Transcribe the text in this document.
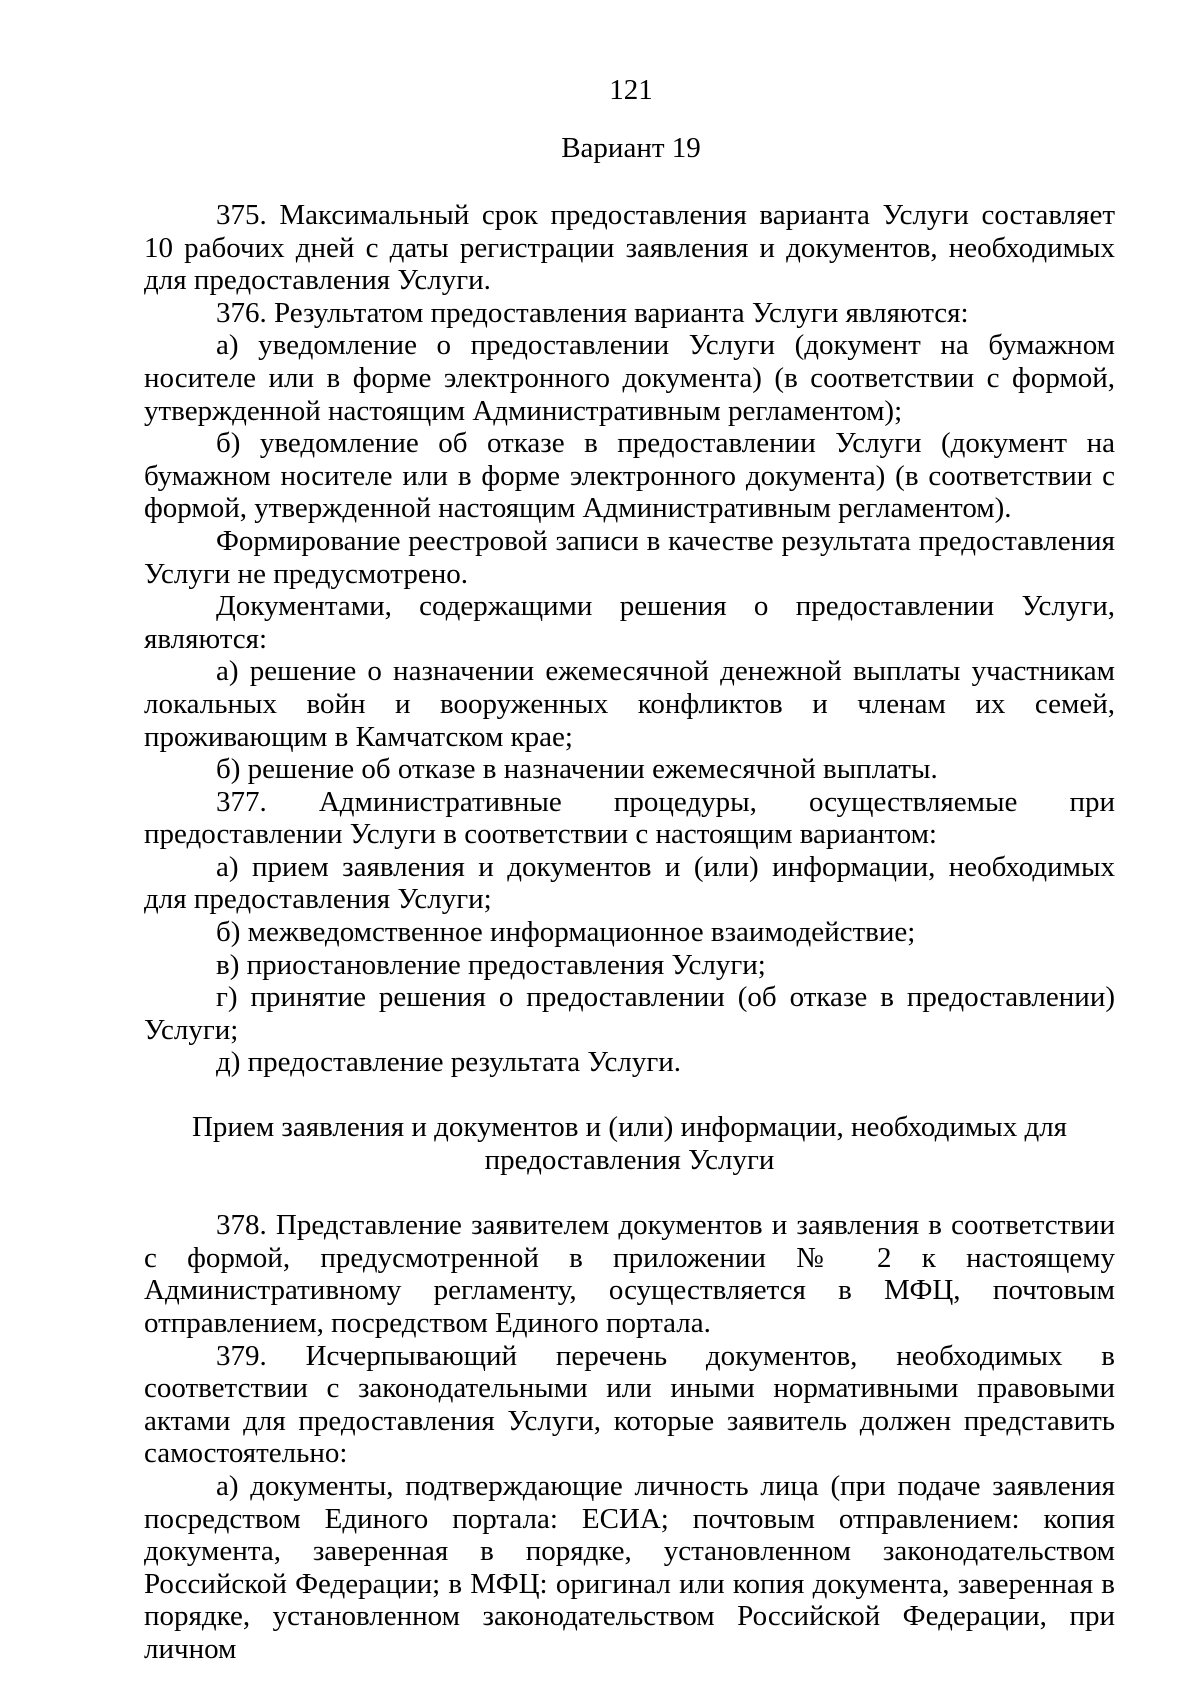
121
Вариант 19

375. Максимальный срок предоставления варианта Услуги составляет 10 рабочих дней с даты регистрации заявления и документов, необходимых для предоставления Услуги.

376. Результатом предоставления варианта Услуги являются:

а) уведомление о предоставлении Услуги (документ на бумажном носителе или в форме электронного документа) (в соответствии с формой, утвержденной настоящим Административным регламентом);

б) уведомление об отказе в предоставлении Услуги (документ на бумажном носителе или в форме электронного документа) (в соответствии с формой, утвержденной настоящим Административным регламентом).

Формирование реестровой записи в качестве результата предоставления Услуги не предусмотрено.

Документами, содержащими решения о предоставлении Услуги, являются:

а) решение о назначении ежемесячной денежной выплаты участникам локальных войн и вооруженных конфликтов и членам их семей, проживающим в Камчатском крае;

б) решение об отказе в назначении ежемесячной выплаты.

377. Административные процедуры, осуществляемые при предоставлении Услуги в соответствии с настоящим вариантом:

а) прием заявления и документов и (или) информации, необходимых для предоставления Услуги;

б) межведомственное информационное взаимодействие;

в) приостановление предоставления Услуги;

г) принятие решения о предоставлении (об отказе в предоставлении) Услуги;

д) предоставление результата Услуги.

Прием заявления и документов и (или) информации, необходимых для предоставления Услуги

378. Представление заявителем документов и заявления в соответствии с формой, предусмотренной в приложении № 2 к настоящему Административному регламенту, осуществляется в МФЦ, почтовым отправлением, посредством Единого портала.

379. Исчерпывающий перечень документов, необходимых в соответствии с законодательными или иными нормативными правовыми актами для предоставления Услуги, которые заявитель должен представить самостоятельно:

а) документы, подтверждающие личность лица (при подаче заявления посредством Единого портала: ЕСИА; почтовым отправлением: копия документа, заверенная в порядке, установленном законодательством Российской Федерации; в МФЦ: оригинал или копия документа, заверенная в порядке, установленном законодательством Российской Федерации, при личном
